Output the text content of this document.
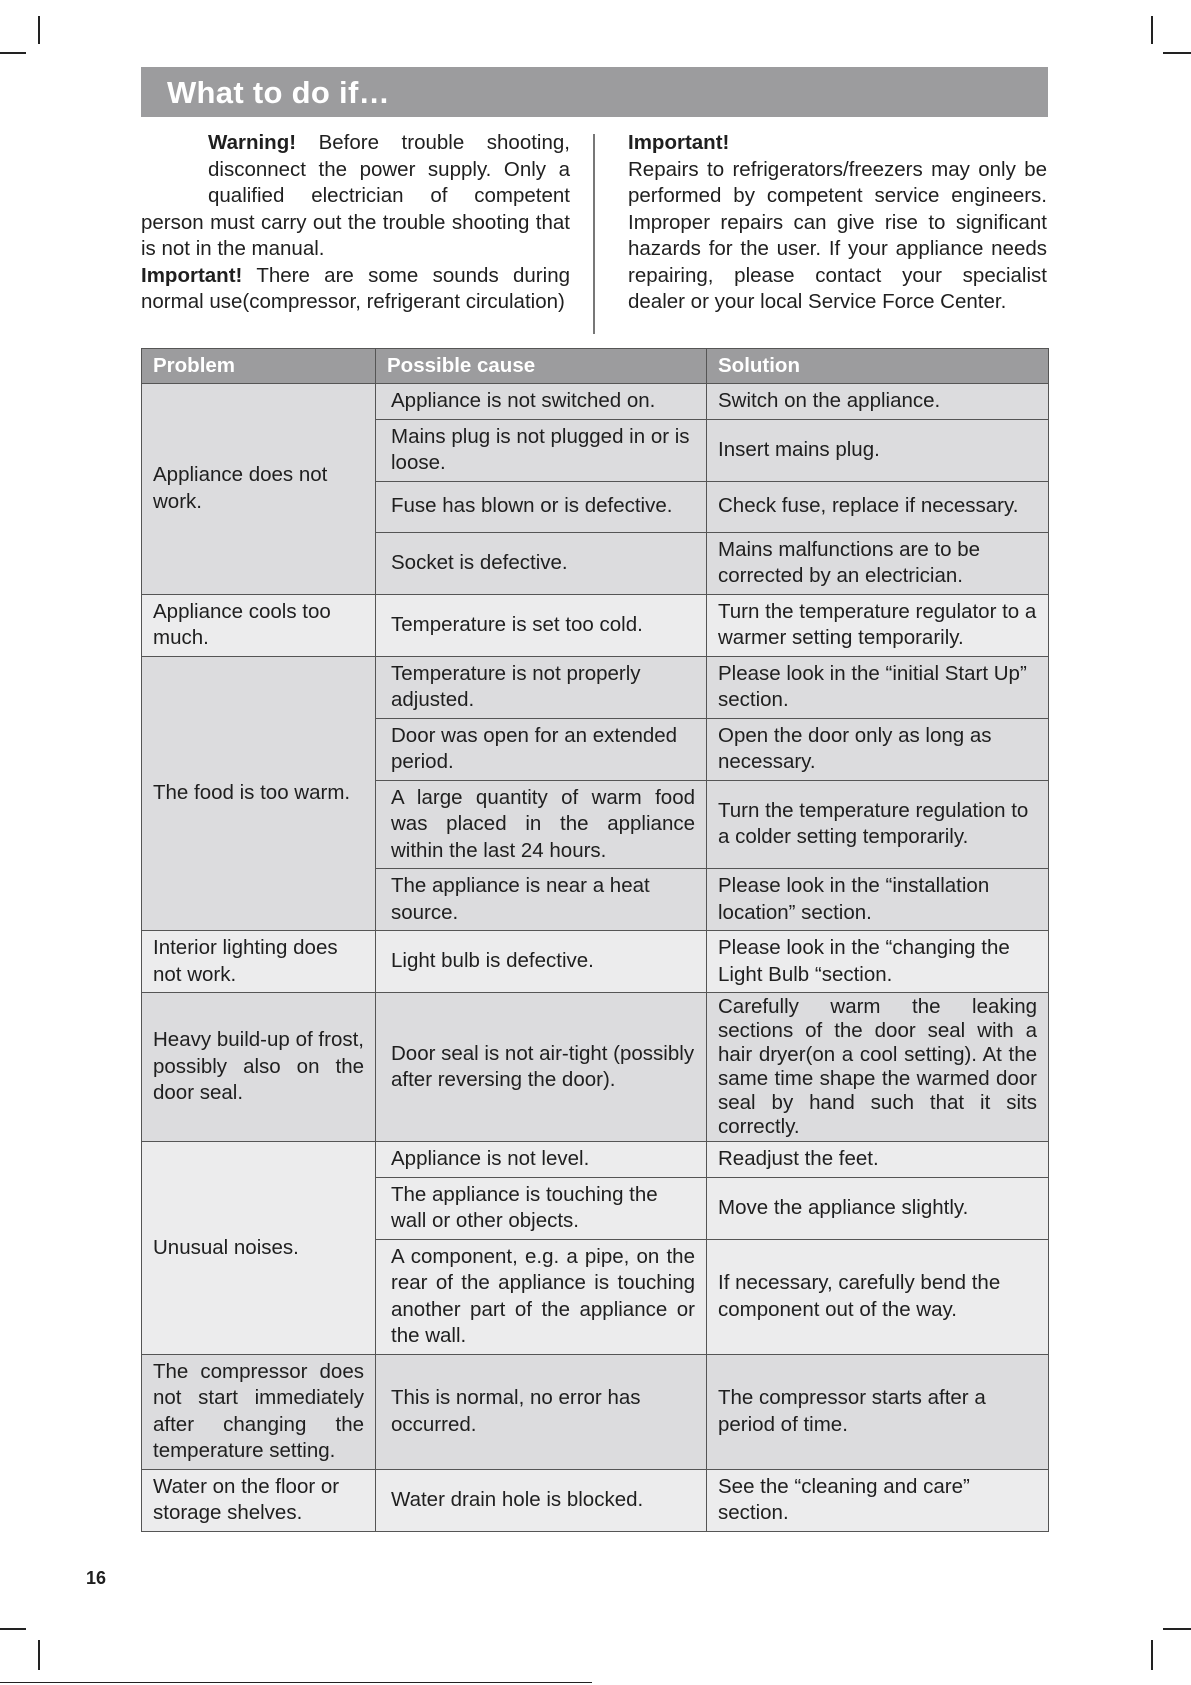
What to do if…

Warning! Before trouble shooting, disconnect the power supply. Only a qualified electrician of competent person must carry out the trouble shooting that is not in the manual.

Important! There are some sounds during normal use(compressor, refrigerant circulation)

Important!

Repairs to refrigerators/freezers may only be performed by competent service engineers. Improper repairs can give rise to significant hazards for the user. If your appliance needs repairing, please contact your specialist dealer or your local Service Force Center.

Problem	Possible cause	Solution
Appliance does not work.	Appliance is not switched on.	Switch on the appliance.
	Mains plug is not plugged in or is loose.	Insert mains plug.
	Fuse has blown or is defective.	Check fuse, replace if necessary.
	Socket is defective.	Mains malfunctions are to be corrected by an electrician.
Appliance cools too much.	Temperature is set too cold.	Turn the temperature regulator to a warmer setting temporarily.
The food is too warm.	Temperature is not properly adjusted.	Please look in the “initial Start Up” section.
	Door was open for an extended period.	Open the door only as long as necessary.
	A large quantity of warm food was placed in the appliance within the last 24 hours.	Turn the temperature regulation to a colder setting temporarily.
	The appliance is near a heat source.	Please look in the “installation location” section.
Interior lighting does not work.	Light bulb is defective.	Please look in the “changing the Light Bulb “section.
Heavy build-up of frost, possibly also on the door seal.	Door seal is not air-tight (possibly after reversing the door).	Carefully warm the leaking sections of the door seal with a hair dryer(on a cool setting). At the same time shape the warmed door seal by hand such that it sits correctly.
Unusual noises.	Appliance is not level.	Readjust the feet.
	The appliance is touching the wall or other objects.	Move the appliance slightly.
	A component, e.g. a pipe, on the rear of the appliance is touching another part of the appliance or the wall.	If necessary, carefully bend the component out of the way.
The compressor does not start immediately after changing the temperature setting.	This is normal, no error has occurred.	The compressor starts after a period of time.
Water on the floor or storage shelves.	Water drain hole is blocked.	See the “cleaning and care” section.
16
